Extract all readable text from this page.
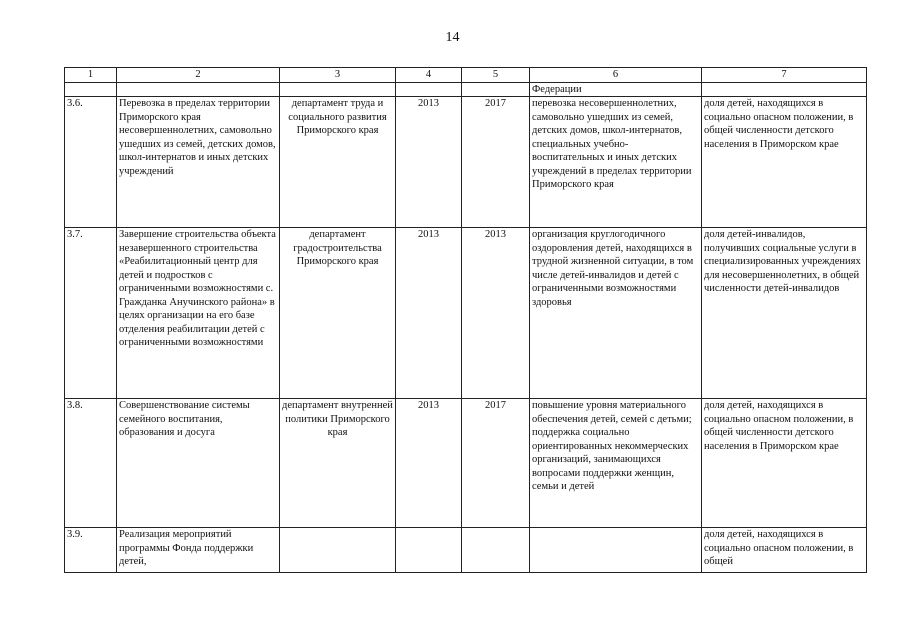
14
1	2	3	4	5	6	7
					Федерации	
3.6.	Перевозка в пределах территории Приморского края несовершеннолетних, самовольно ушедших из семей, детских домов, школ-интернатов и иных детских учреждений	департамент труда и социального развития Приморского края	2013	2017	перевозка несовершеннолетних, самовольно ушедших из семей, детских домов, школ-интернатов, специальных учебно-воспитательных и иных детских учреждений в пределах территории Приморского края	доля детей, находящихся в социально опасном положении, в общей численности детского населения в Приморском крае
3.7.	Завершение строительства объекта незавершенного строительства «Реабилитационный центр для детей и подростков с ограниченными возможностями с. Гражданка Анучинского района» в целях организации на его базе отделения реабилитации детей с ограниченными возможностями	департамент градостроительства Приморского края	2013	2013	организация круглогодичного оздоровления детей, находящихся в трудной жизненной ситуации, в том числе детей-инвалидов и детей с ограниченными возможностями здоровья	доля детей-инвалидов, получивших социальные услуги в специализированных учреждениях для несовершеннолетних, в общей численности детей-инвалидов
3.8.	Совершенствование системы семейного воспитания, образования и досуга	департамент внутренней политики Приморского края	2013	2017	повышение уровня материального обеспечения детей, семей с детьми; поддержка социально ориентированных некоммерческих организаций, занимающихся вопросами поддержки женщин, семьи и детей	доля детей, находящихся в социально опасном положении, в общей численности детского населения в Приморском крае
3.9.	Реализация мероприятий программы Фонда поддержки детей,					доля детей, находящихся в социально опасном положении, в общей
